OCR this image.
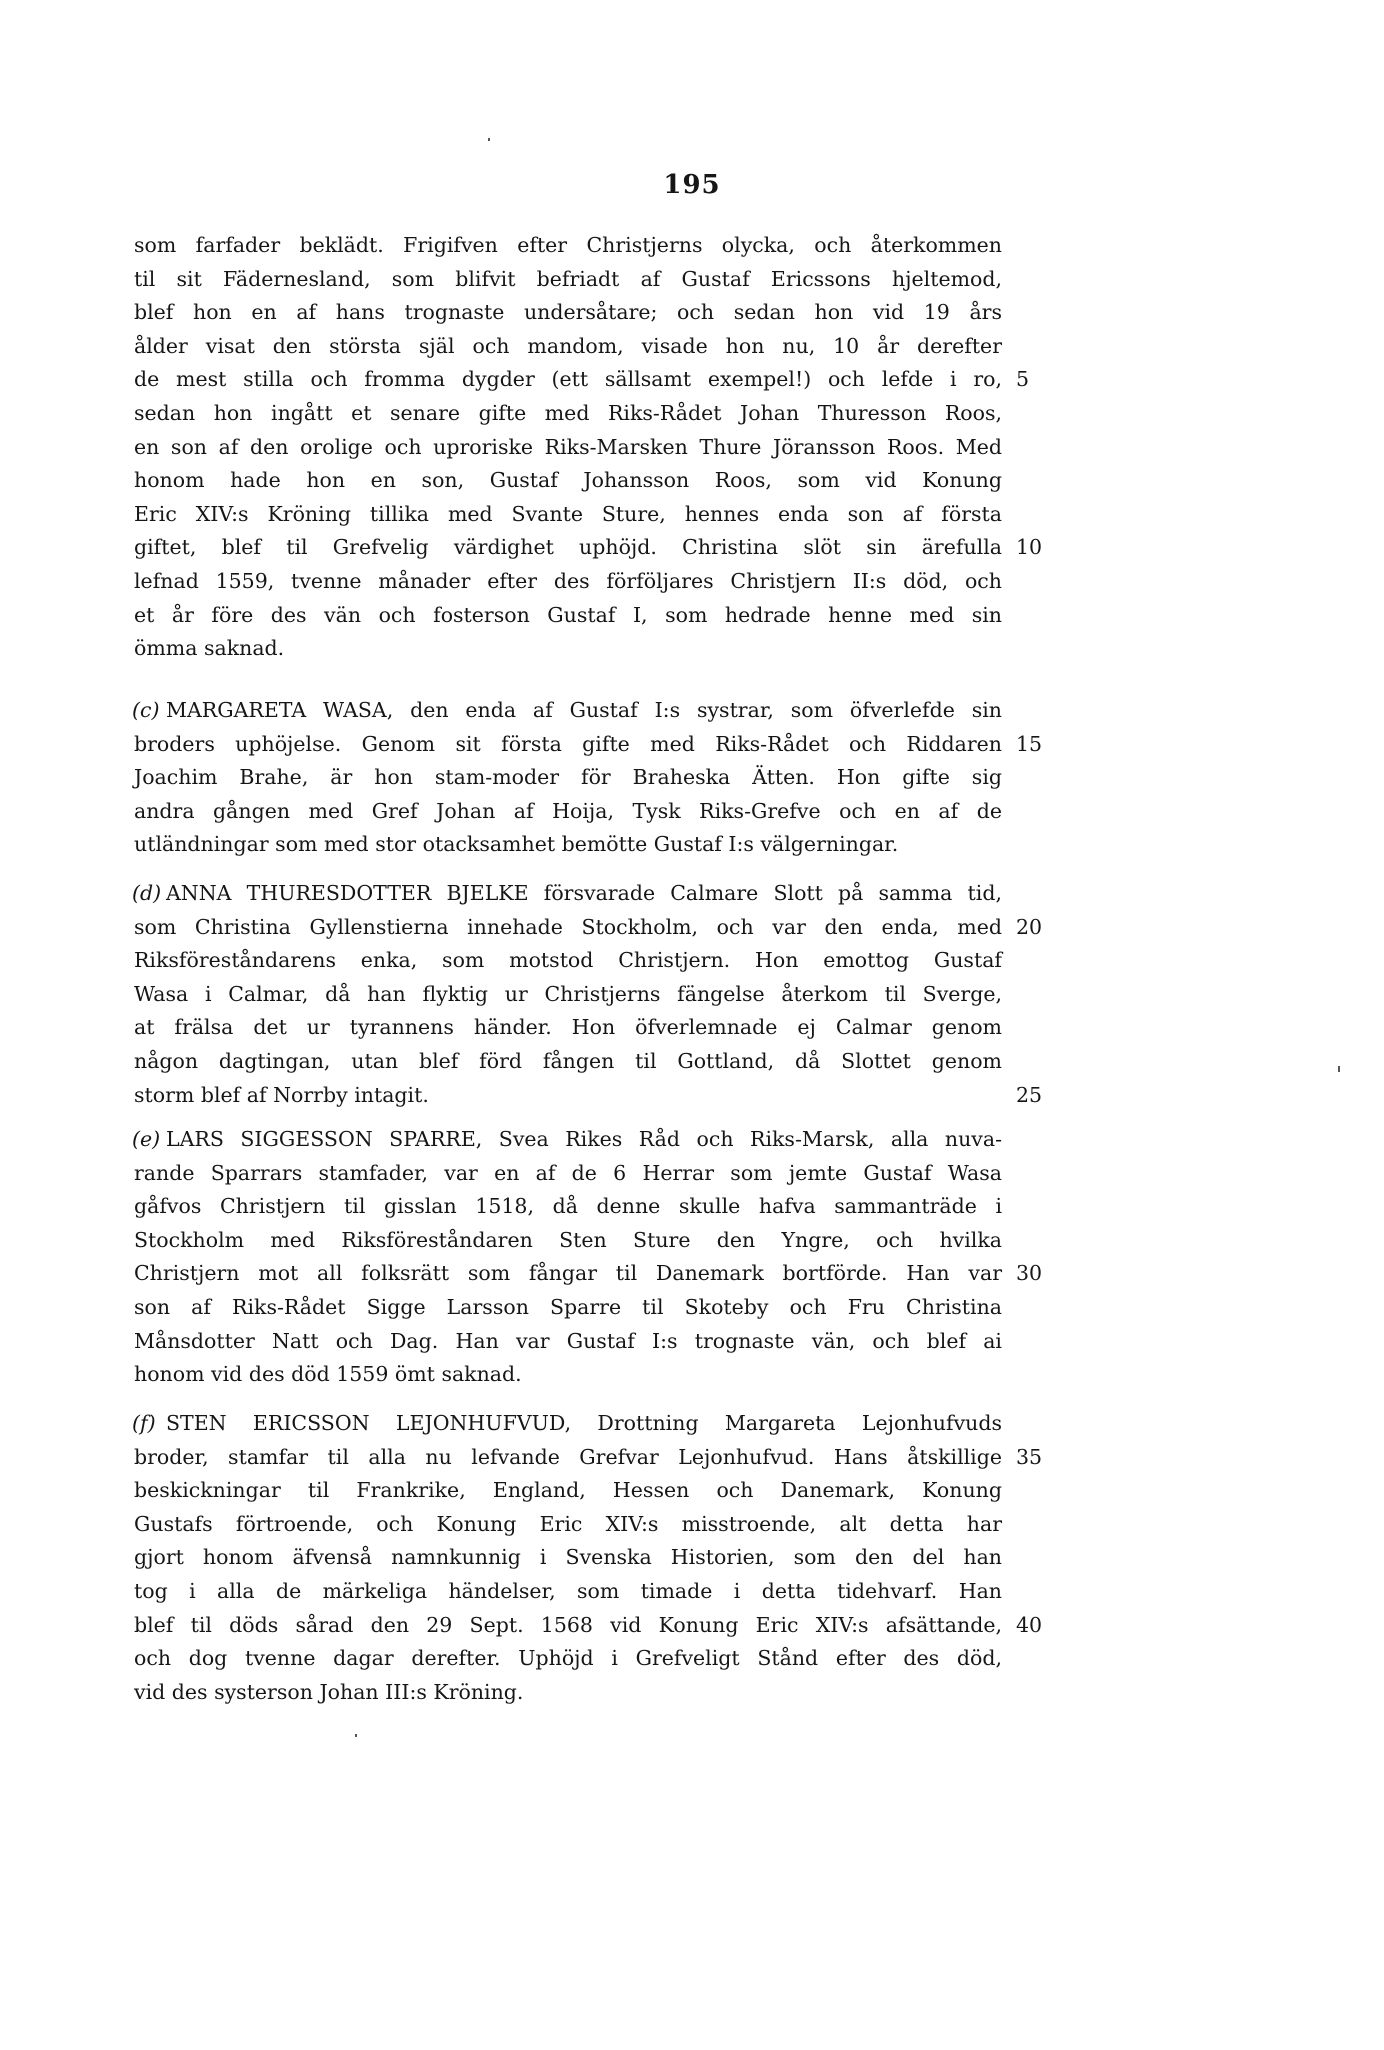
195
som farfader beklädt. Frigifven efter Christjerns olycka, och återkommen
til sit Fädernesland, som blifvit befriadt af Gustaf Ericssons hjeltemod,
blef hon en af hans trognaste undersåtare; och sedan hon vid 19 års
ålder visat den största själ och mandom, visade hon nu, 10 år derefter
de mest stilla och fromma dygder (ett sällsamt exempel!) och lefde i ro,
sedan hon ingått et senare gifte med Riks-Rådet Johan Thuresson Roos,
en son af den orolige och uproriske Riks-Marsken Thure Jöransson Roos. Med
honom hade hon en son, Gustaf Johansson Roos, som vid Konung
Eric XIV:s Kröning tillika med Svante Sture, hennes enda son af första
giftet, blef til Grefvelig värdighet uphöjd. Christina slöt sin ärefulla
lefnad 1559, tvenne månader efter des förföljares Christjern II:s död, och
et år före des vän och fosterson Gustaf I, som hedrade henne med sin
ömma saknad.
(c) MARGARETA WASA, den enda af Gustaf I:s systrar, som öfverlefde sin
broders uphöjelse. Genom sit första gifte med Riks-Rådet och Riddaren
Joachim Brahe, är hon stam-moder för Braheska Ätten. Hon gifte sig
andra gången med Gref Johan af Hoija, Tysk Riks-Grefve och en af de
utländningar som med stor otacksamhet bemötte Gustaf I:s välgerningar.
(d) ANNA THURESDOTTER BJELKE försvarade Calmare Slott på samma tid,
som Christina Gyllenstierna innehade Stockholm, och var den enda, med
Riksföreståndarens enka, som motstod Christjern. Hon emottog Gustaf
Wasa i Calmar, då han flyktig ur Christjerns fängelse återkom til Sverge,
at frälsa det ur tyrannens händer. Hon öfverlemnade ej Calmar genom
någon dagtingan, utan blef förd fången til Gottland, då Slottet genom
storm blef af Norrby intagit.
(e) LARS SIGGESSON SPARRE, Svea Rikes Råd och Riks-Marsk, alla nuva-
rande Sparrars stamfader, var en af de 6 Herrar som jemte Gustaf Wasa
gåfvos Christjern til gisslan 1518, då denne skulle hafva sammanträde i
Stockholm med Riksföreståndaren Sten Sture den Yngre, och hvilka
Christjern mot all folksrätt som fångar til Danemark bortförde. Han var
son af Riks-Rådet Sigge Larsson Sparre til Skoteby och Fru Christina
Månsdotter Natt och Dag. Han var Gustaf I:s trognaste vän, och blef ai
honom vid des död 1559 ömt saknad.
(f) STEN ERICSSON LEJONHUFVUD, Drottning Margareta Lejonhufvuds
broder, stamfar til alla nu lefvande Grefvar Lejonhufvud. Hans åtskillige
beskickningar til Frankrike, England, Hessen och Danemark, Konung
Gustafs förtroende, och Konung Eric XIV:s misstroende, alt detta har
gjort honom äfvenså namnkunnig i Svenska Historien, som den del han
tog i alla de märkeliga händelser, som timade i detta tidehvarf. Han
blef til döds sårad den 29 Sept. 1568 vid Konung Eric XIV:s afsättande,
och dog tvenne dagar derefter. Uphöjd i Grefveligt Stånd efter des död,
vid des systerson Johan III:s Kröning.
5
10
15
20
25
30
35
40
